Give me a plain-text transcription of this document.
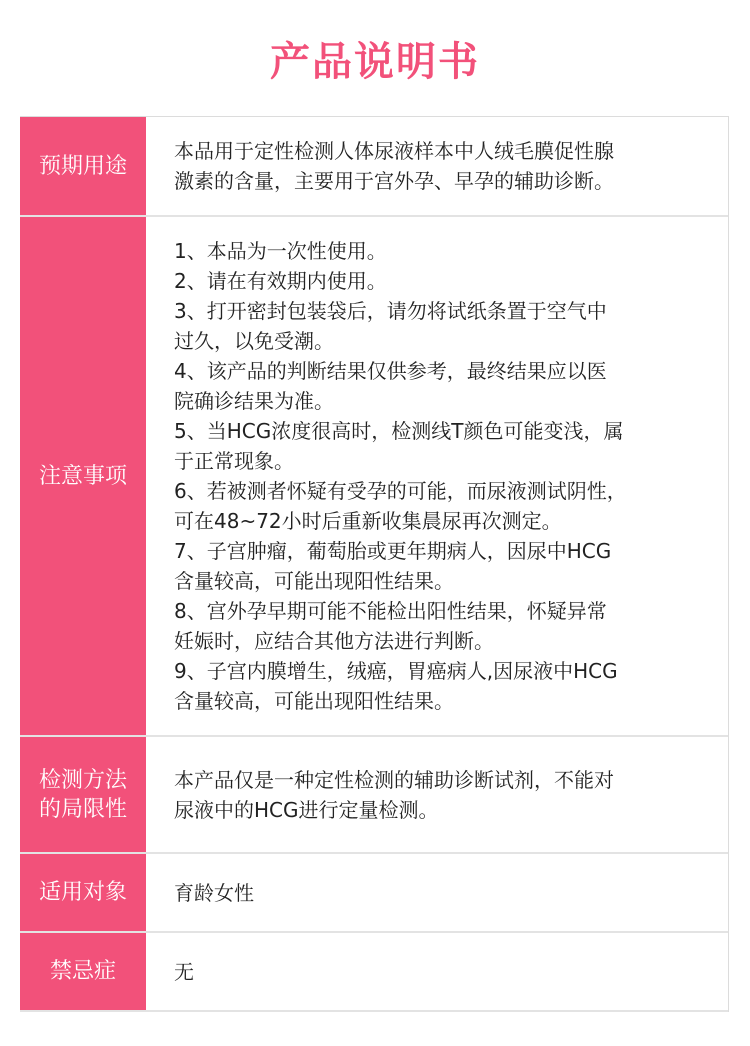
产品说明书
预期用途

本品用于定性检测人体尿液样本中人绒毛膜促性腺

激素的含量，主要用于宫外孕、早孕的辅助诊断。

注意事项

1、本品为一次性使用。

2、请在有效期内使用。

3、打开密封包装袋后，请勿将试纸条置于空气中

过久，以免受潮。

4、该产品的判断结果仅供参考，最终结果应以医

院确诊结果为准。

5、当HCG浓度很高时，检测线T颜色可能变浅，属

于正常现象。

6、若被测者怀疑有受孕的可能，而尿液测试阴性，

可在48~72小时后重新收集晨尿再次测定。

7、子宫肿瘤，葡萄胎或更年期病人，因尿中HCG

含量较高，可能出现阳性结果。

8、宫外孕早期可能不能检出阳性结果，怀疑异常

妊娠时，应结合其他方法进行判断。

9、子宫内膜增生，绒癌，胃癌病人,因尿液中HCG

含量较高，可能出现阳性结果。

检测方法
的局限性

本产品仅是一种定性检测的辅助诊断试剂，不能对

尿液中的HCG进行定量检测。

适用对象	育龄女性

禁忌症	无
